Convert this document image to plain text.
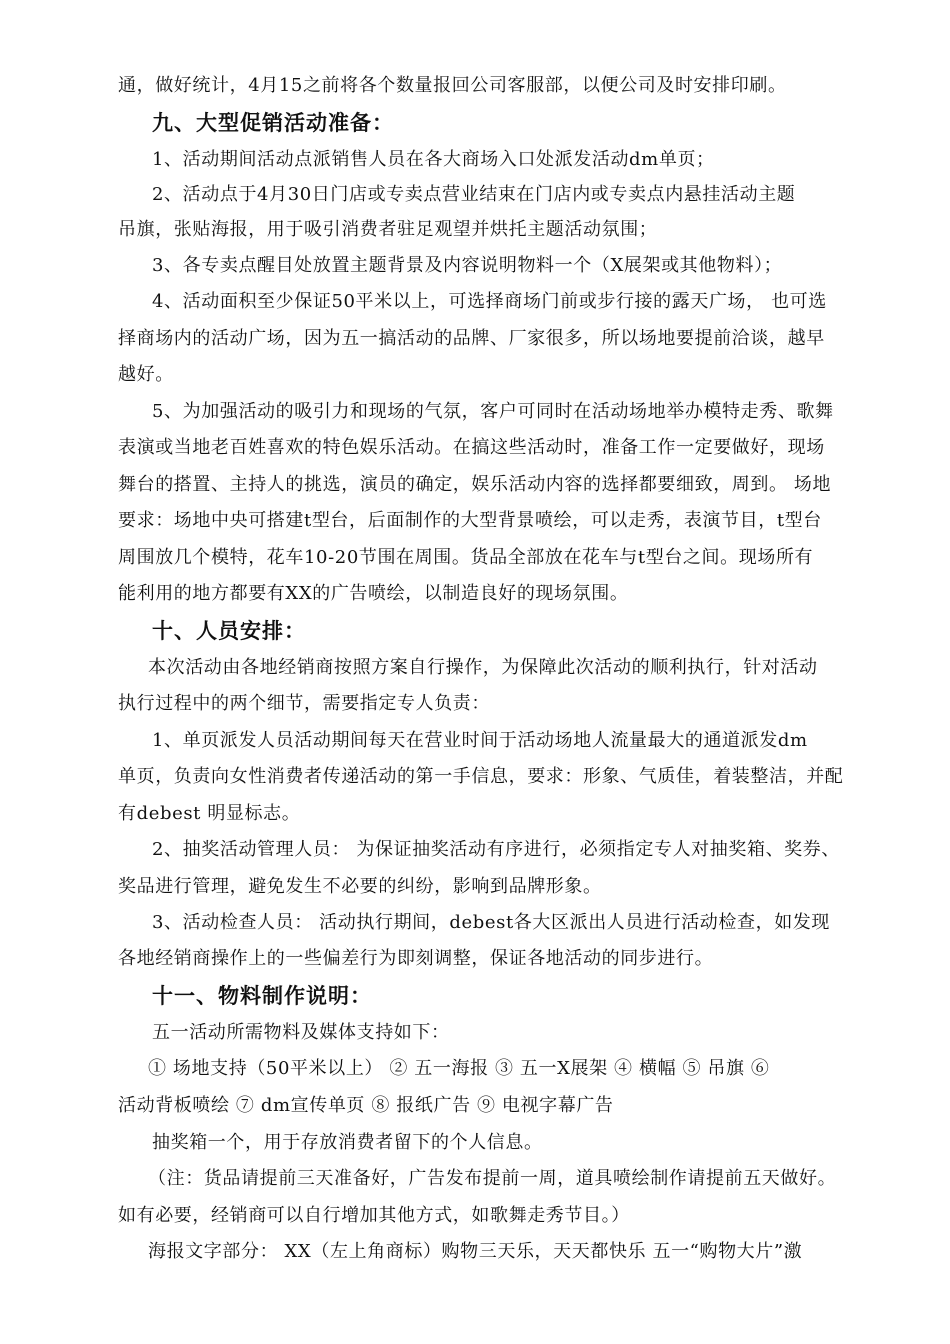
通，做好统计，4月15之前将各个数量报回公司客服部，以便公司及时安排印刷。
九、大型促销活动准备：
1、活动期间活动点派销售人员在各大商场入口处派发活动dm单页；
2、活动点于4月30日门店或专卖点营业结束在门店内或专卖点内悬挂活动主题
吊旗，张贴海报，用于吸引消费者驻足观望并烘托主题活动氛围；
3、各专卖点醒目处放置主题背景及内容说明物料一个（X展架或其他物料）；
4、活动面积至少保证50平米以上，可选择商场门前或步行接的露天广场， 也可选
择商场内的活动广场，因为五一搞活动的品牌、厂家很多，所以场地要提前洽谈，越早
越好。
5、为加强活动的吸引力和现场的气氛，客户可同时在活动场地举办模特走秀、歌舞
表演或当地老百姓喜欢的特色娱乐活动。在搞这些活动时，准备工作一定要做好，现场
舞台的搭置、主持人的挑选，演员的确定，娱乐活动内容的选择都要细致，周到。 场地
要求：场地中央可搭建t型台，后面制作的大型背景喷绘，可以走秀，表演节目，t型台
周围放几个模特，花车10-20节围在周围。货品全部放在花车与t型台之间。现场所有
能利用的地方都要有XX的广告喷绘，以制造良好的现场氛围。
十、人员安排：
本次活动由各地经销商按照方案自行操作，为保障此次活动的顺利执行，针对活动
执行过程中的两个细节，需要指定专人负责：
1、单页派发人员活动期间每天在营业时间于活动场地人流量最大的通道派发dm
单页，负责向女性消费者传递活动的第一手信息，要求：形象、气质佳，着装整洁，并配
有debest 明显标志。
2、抽奖活动管理人员： 为保证抽奖活动有序进行，必须指定专人对抽奖箱、奖券、
奖品进行管理，避免发生不必要的纠纷，影响到品牌形象。
3、活动检查人员： 活动执行期间，debest各大区派出人员进行活动检查，如发现
各地经销商操作上的一些偏差行为即刻调整，保证各地活动的同步进行。
十一、物料制作说明：
五一活动所需物料及媒体支持如下：
① 场地支持（50平米以上） ② 五一海报 ③ 五一X展架 ④ 横幅 ⑤ 吊旗 ⑥
活动背板喷绘 ⑦ dm宣传单页 ⑧ 报纸广告 ⑨ 电视字幕广告
抽奖箱一个，用于存放消费者留下的个人信息。
（注：货品请提前三天准备好，广告发布提前一周，道具喷绘制作请提前五天做好。
如有必要，经销商可以自行增加其他方式，如歌舞走秀节目。）
海报文字部分： XX（左上角商标）购物三天乐，天天都快乐 五一“购物大片”激
